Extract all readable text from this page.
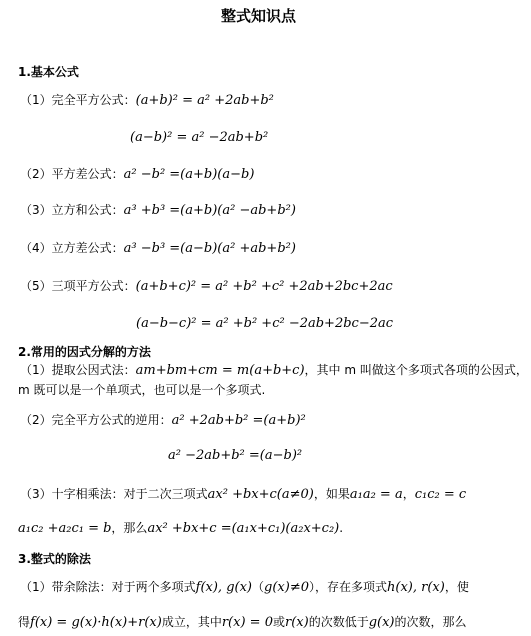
整式知识点
1.基本公式
（1）完全平方公式：(a+b)² = a² +2ab+b²
(a−b)² = a² −2ab+b²
（2）平方差公式：a² −b² =(a+b)(a−b)
（3）立方和公式：a³ +b³ =(a+b)(a² −ab+b²)
（4）立方差公式：a³ −b³ =(a−b)(a² +ab+b²)
（5）三项平方公式：(a+b+c)² = a² +b² +c² +2ab+2bc+2ac
(a−b−c)² = a² +b² +c² −2ab+2bc−2ac
2.常用的因式分解的方法
（1）提取公因式法：am+bm+cm = m(a+b+c)，其中 m 叫做这个多项式各项的公因式，
m 既可以是一个单项式，也可以是一个多项式.
（2）完全平方公式的逆用：a² +2ab+b² =(a+b)²
a² −2ab+b² =(a−b)²
（3）十字相乘法：对于二次三项式ax² +bx+c(a≠0)，如果a₁a₂ = a，c₁c₂ = c
a₁c₂ +a₂c₁ = b，那么ax² +bx+c =(a₁x+c₁)(a₂x+c₂).
3.整式的除法
（1）带余除法：对于两个多项式f(x), g(x)（g(x)≠0），存在多项式h(x), r(x)，使
得f(x) = g(x)·h(x)+r(x)成立，其中r(x) = 0或r(x)的次数低于g(x)的次数，那么
